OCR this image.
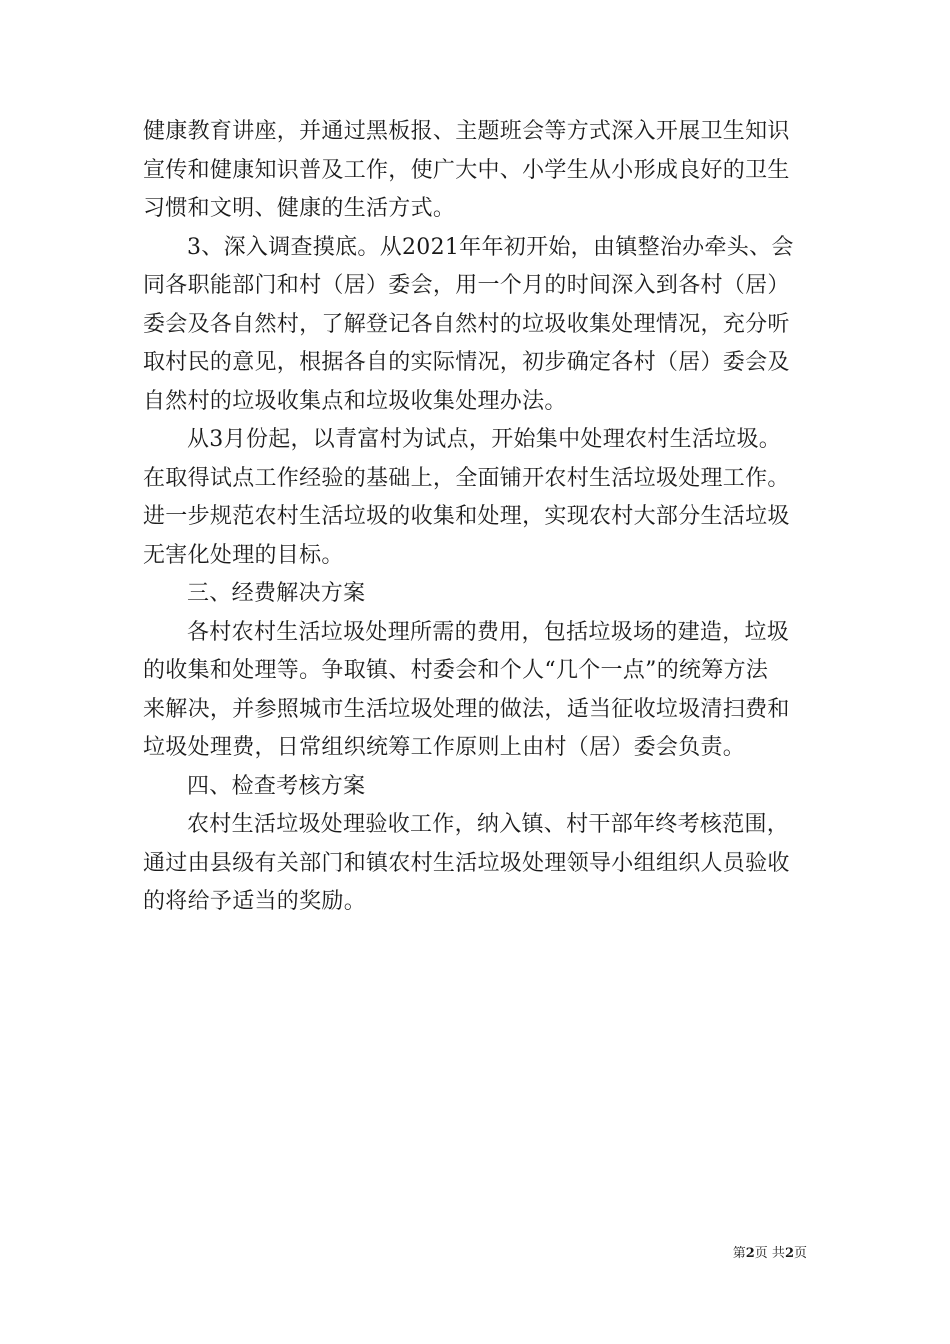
健康教育讲座，并通过黑板报、主题班会等方式深入开展卫生知识
宣传和健康知识普及工作，使广大中、小学生从小形成良好的卫生
习惯和文明、健康的生活方式。
3、深入调查摸底。从2021年年初开始，由镇整治办牵头、会
同各职能部门和村（居）委会，用一个月的时间深入到各村（居）
委会及各自然村，了解登记各自然村的垃圾收集处理情况，充分听
取村民的意见，根据各自的实际情况，初步确定各村（居）委会及
自然村的垃圾收集点和垃圾收集处理办法。
从3月份起，以青富村为试点，开始集中处理农村生活垃圾。
在取得试点工作经验的基础上，全面铺开农村生活垃圾处理工作。
进一步规范农村生活垃圾的收集和处理，实现农村大部分生活垃圾
无害化处理的目标。
三、经费解决方案
各村农村生活垃圾处理所需的费用，包括垃圾场的建造，垃圾
的收集和处理等。争取镇、村委会和个人“几个一点”的统筹方法
来解决，并参照城市生活垃圾处理的做法，适当征收垃圾清扫费和
垃圾处理费，日常组织统筹工作原则上由村（居）委会负责。
四、检查考核方案
农村生活垃圾处理验收工作，纳入镇、村干部年终考核范围，
通过由县级有关部门和镇农村生活垃圾处理领导小组组织人员验收
的将给予适当的奖励。
第2页 共2页
